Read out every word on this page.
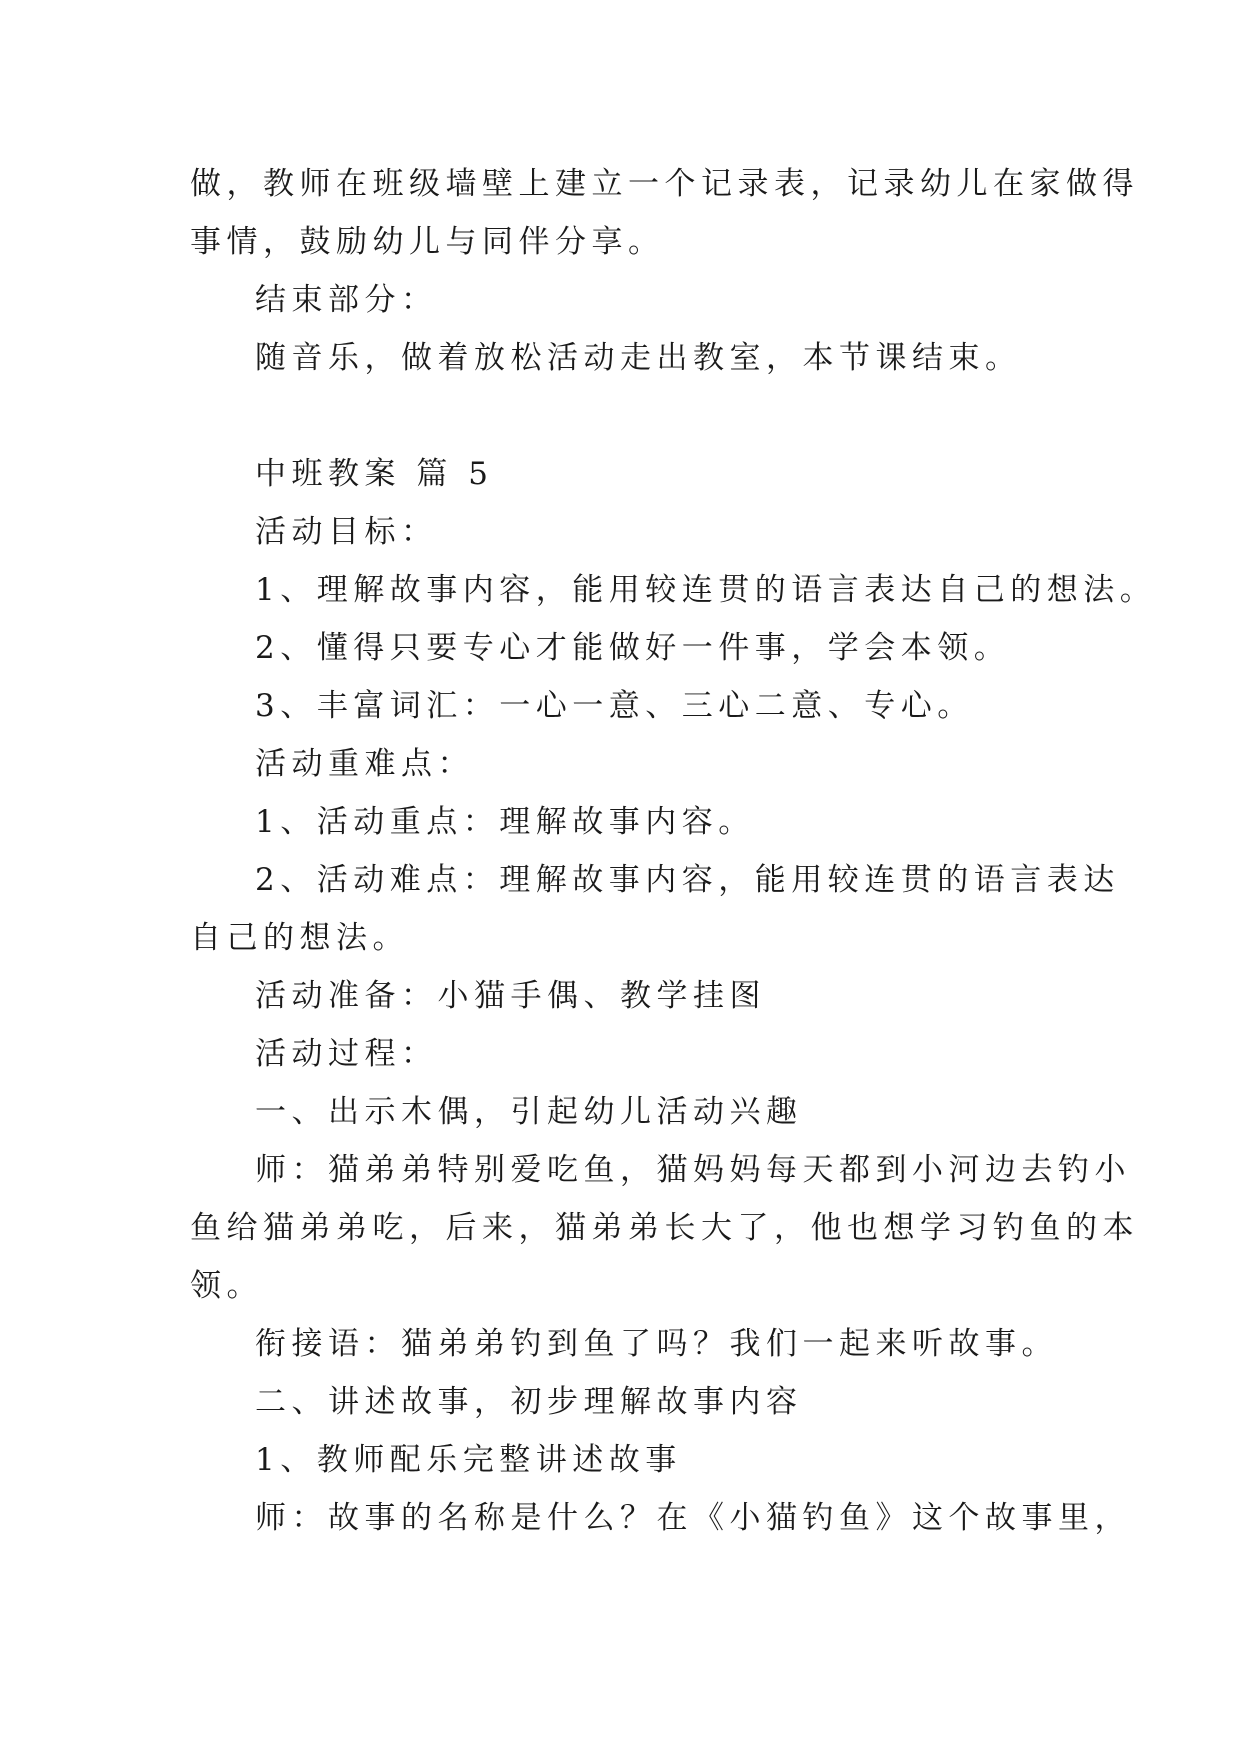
做，教师在班级墙壁上建立一个记录表，记录幼儿在家做得

事情，鼓励幼儿与同伴分享。

结束部分：

随音乐，做着放松活动走出教室，本节课结束。

中班教案 篇 5

活动目标：

1、理解故事内容，能用较连贯的语言表达自己的想法。

2、懂得只要专心才能做好一件事，学会本领。

3、丰富词汇：一心一意、三心二意、专心。

活动重难点：

1、活动重点：理解故事内容。

2、活动难点：理解故事内容，能用较连贯的语言表达

自己的想法。

活动准备：小猫手偶、教学挂图

活动过程：

一、出示木偶，引起幼儿活动兴趣

师：猫弟弟特别爱吃鱼，猫妈妈每天都到小河边去钓小

鱼给猫弟弟吃，后来，猫弟弟长大了，他也想学习钓鱼的本

领。

衔接语：猫弟弟钓到鱼了吗？我们一起来听故事。

二、讲述故事，初步理解故事内容

1、教师配乐完整讲述故事

师：故事的名称是什么？在《小猫钓鱼》这个故事里，
